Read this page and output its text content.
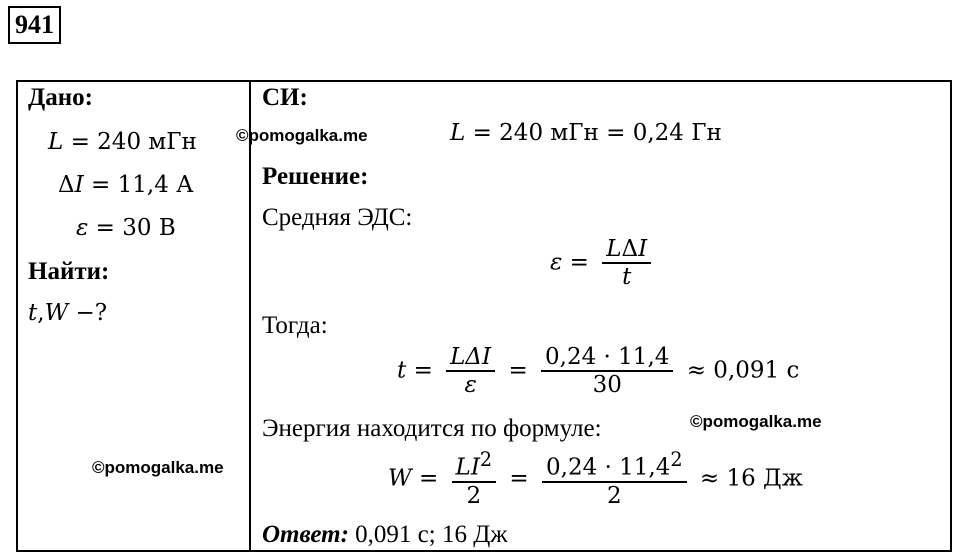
941
Дано:
L = 240 мГн
ΔI = 11,4 А
ε = 30 В
Найти:
t,W −?
©pomogalka.me
СИ:
©pomogalka.me	L = 240 мГн = 0,24 Гн
Решение:
Средняя ЭДС:
$\varepsilon = \frac{\text{LΔI}}{t}$
Тогда:
$t = \frac{\text{LΔI}}{\varepsilon} = \frac{0,24 \cdot 11,4}{30} \approx 0,091$ с
Энергия находится по формуле:	©pomogalka.me
$W = \frac{LI^2}{2} = \frac{0,24 \cdot 11,4^2}{2} \approx 16$ Дж
Ответ: 0,091 с; 16 Дж
